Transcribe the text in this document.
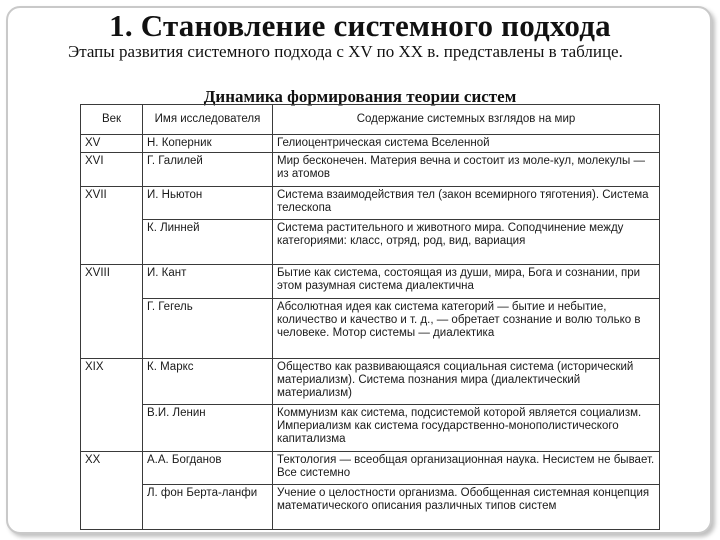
1. Становление системного подхода
Этапы развития системного подхода с XV по XX в. представлены в таблице.
Динамика формирования теории систем
Век	Имя исследователя	Содержание системных взглядов на мир
XV	Н. Коперник	Гелиоцентрическая система Вселенной
XVI	Г. Галилей	Мир бесконечен. Материя вечна и состоит из моле-кул, молекулы — из атомов
XVII	И. Ньютон	Система взаимодействия тел (закон всемирного тяготения). Система телескопа
	К. Линней	Система растительного и животного мира. Соподчинение между категориями: класс, отряд, род, вид, вариация
XVIII	И. Кант	Бытие как система, состоящая из души, мира, Бога и сознании, при этом разумная система диалектична
	Г. Гегель	Абсолютная идея как система категорий — бытие и небытие, количество и качество и т. д., — обретает сознание и волю только в человеке. Мотор системы — диалектика
XIX	К. Маркс	Общество как развивающаяся социальная система (исторический материализм). Система познания мира (диалектический материализм)
	В.И. Ленин	Коммунизм как система, подсистемой которой является социализм. Империализм как система государственно-монополистического капитализма
XX	А.А. Богданов	Тектология — всеобщая организационная наука. Несистем не бывает. Все системно
	Л. фон Берта-ланфи	Учение о целостности организма. Обобщенная системная концепция математического описания различных типов систем
